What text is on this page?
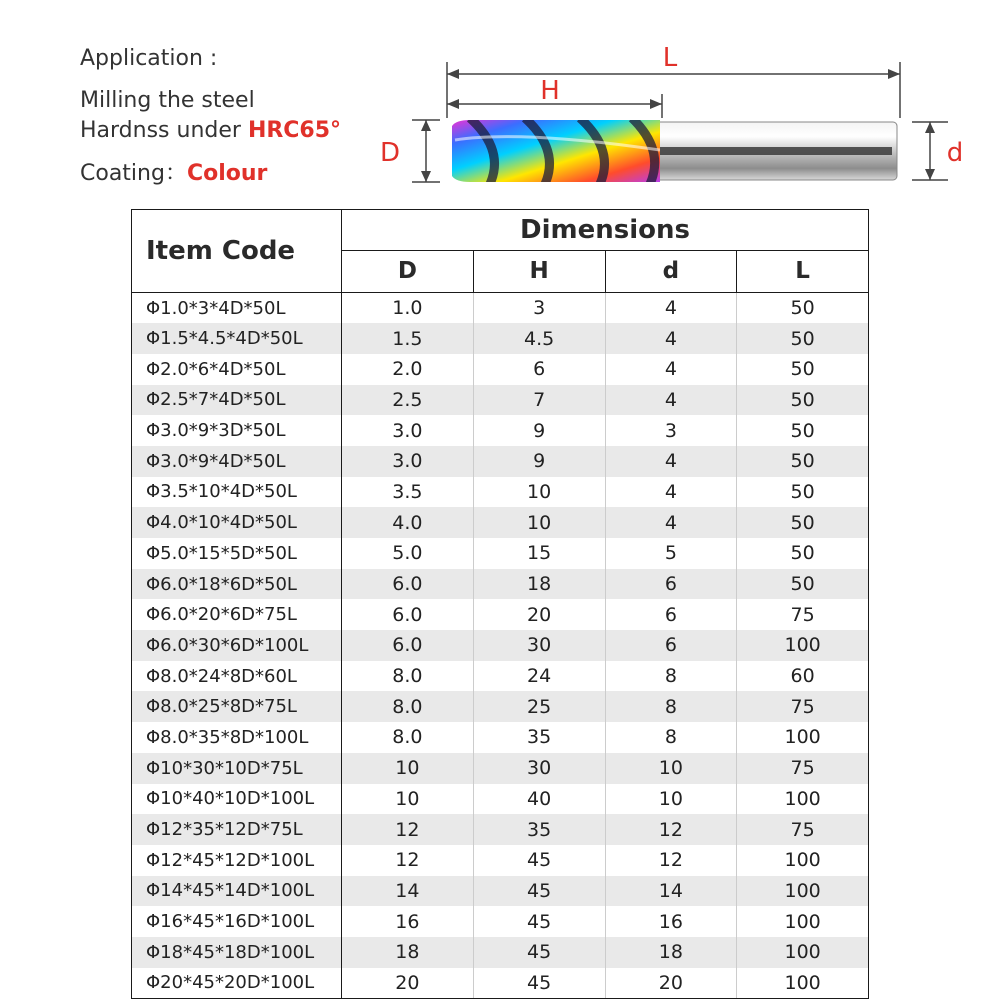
Application :
Milling the steel
Hardnss under HRC65°
Coating：Colour
L
H
D	d
Item Code	Dimensions			
	D	H	d	L
Φ1.0*3*4D*50L	1.0	3	4	50
Φ1.5*4.5*4D*50L	1.5	4.5	4	50
Φ2.0*6*4D*50L	2.0	6	4	50
Φ2.5*7*4D*50L	2.5	7	4	50
Φ3.0*9*3D*50L	3.0	9	3	50
Φ3.0*9*4D*50L	3.0	9	4	50
Φ3.5*10*4D*50L	3.5	10	4	50
Φ4.0*10*4D*50L	4.0	10	4	50
Φ5.0*15*5D*50L	5.0	15	5	50
Φ6.0*18*6D*50L	6.0	18	6	50
Φ6.0*20*6D*75L	6.0	20	6	75
Φ6.0*30*6D*100L	6.0	30	6	100
Φ8.0*24*8D*60L	8.0	24	8	60
Φ8.0*25*8D*75L	8.0	25	8	75
Φ8.0*35*8D*100L	8.0	35	8	100
Φ10*30*10D*75L	10	30	10	75
Φ10*40*10D*100L	10	40	10	100
Φ12*35*12D*75L	12	35	12	75
Φ12*45*12D*100L	12	45	12	100
Φ14*45*14D*100L	14	45	14	100
Φ16*45*16D*100L	16	45	16	100
Φ18*45*18D*100L	18	45	18	100
Φ20*45*20D*100L	20	45	20	100
